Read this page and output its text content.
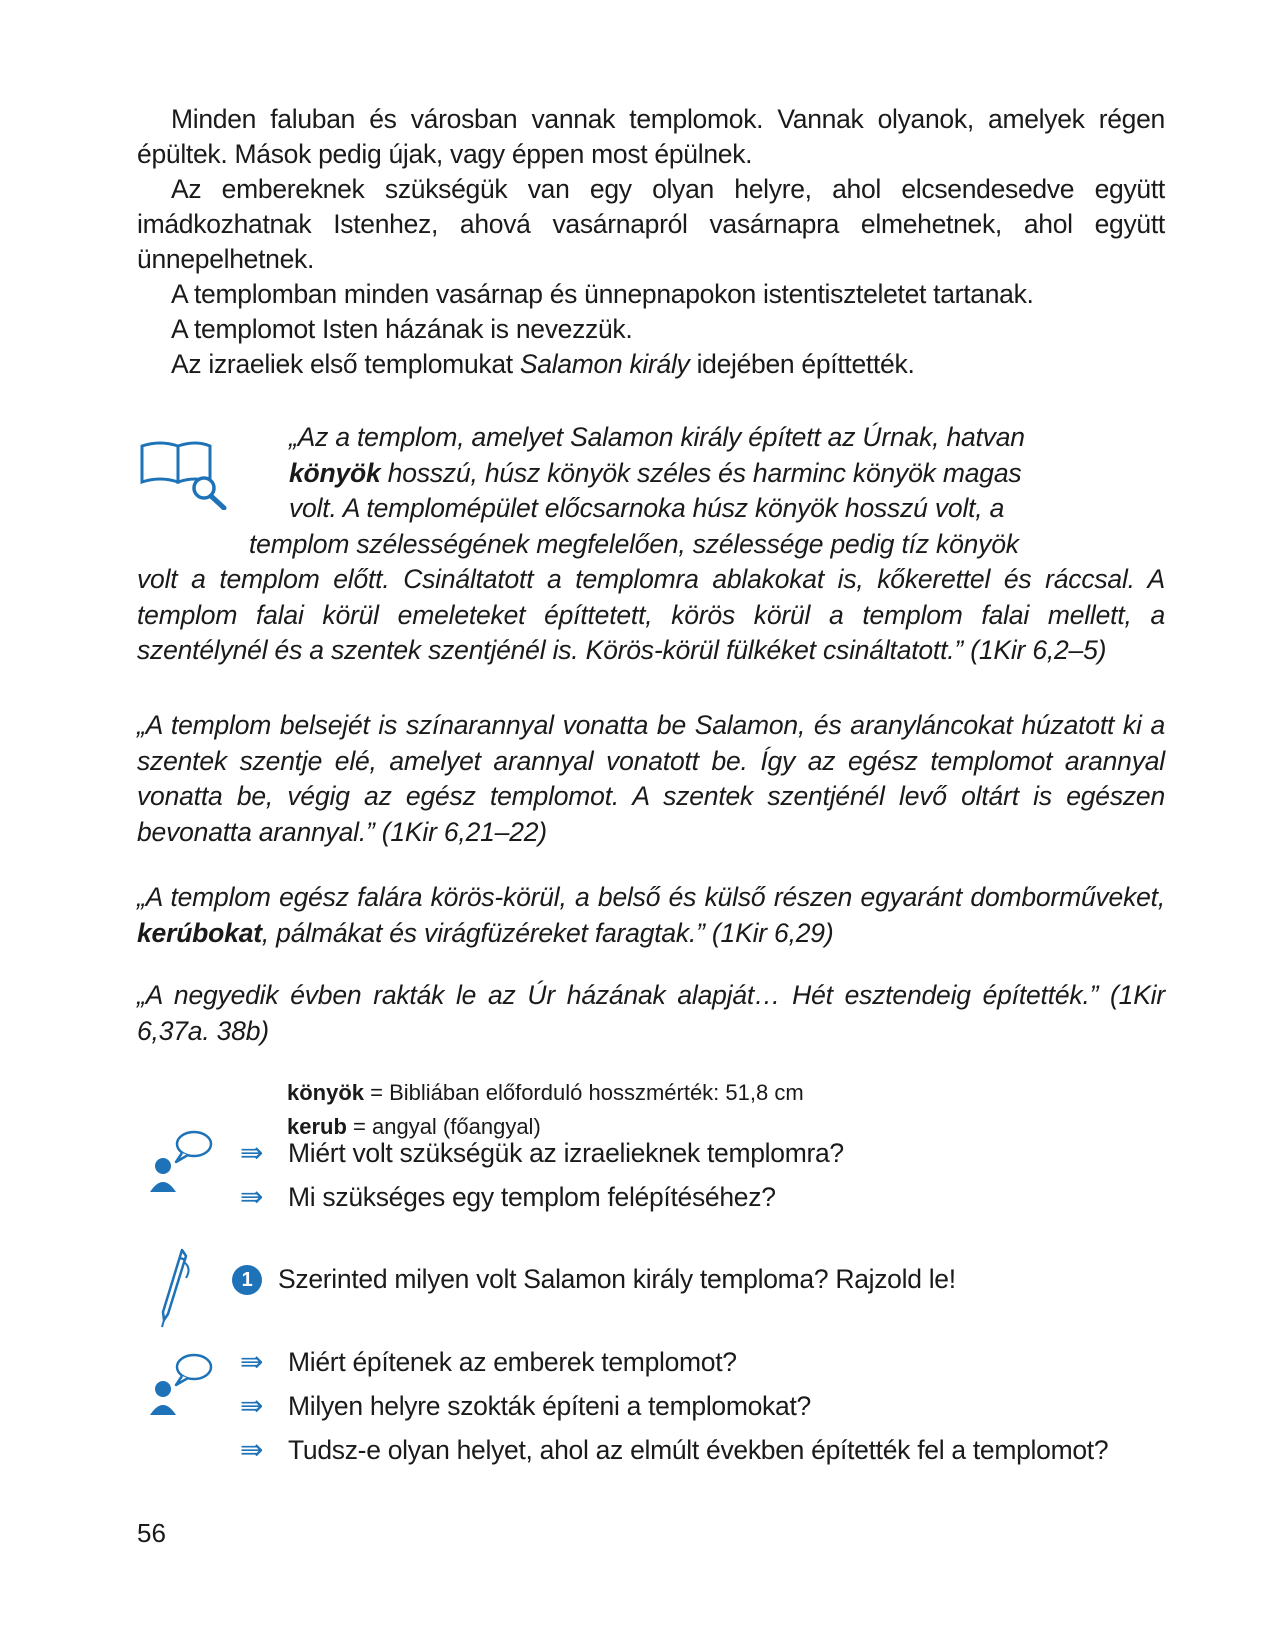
Minden faluban és városban vannak templomok. Vannak olyanok, amelyek régen épültek. Mások pedig újak, vagy éppen most épülnek.

Az embereknek szükségük van egy olyan helyre, ahol elcsendesedve együtt imádkozhatnak Istenhez, ahová vasárnapról vasárnapra elmehetnek, ahol együtt ünnepelhetnek.

A templomban minden vasárnap és ünnepnapokon istentiszteletet tartanak.

A templomot Isten házának is nevezzük.

Az izraeliek első templomukat Salamon király idejében építtették.

„Az a templom, amelyet Salamon király épített az Úrnak, hatvan
könyök hosszú, húsz könyök széles és harminc könyök magas
volt. A templomépület előcsarnoka húsz könyök hosszú volt, a
templom szélességének megfelelően, szélessége pedig tíz könyök
volt a templom előtt. Csináltatott a templomra ablakokat is, kőkerettel és ráccsal. A templom falai körül emeleteket építtetett, körös körül a templom falai mellett, a szentélynél és a szentek szentjénél is. Körös-körül fülkéket csináltatott.” (1Kir 6,2–5)

„A templom belsejét is színarannyal vonatta be Salamon, és aranyláncokat húzatott ki a szentek szentje elé, amelyet arannyal vonatott be. Így az egész templomot arannyal vonatta be, végig az egész templomot. A szentek szentjénél levő oltárt is egészen bevonatta arannyal.” (1Kir 6,21–22)

„A templom egész falára körös-körül, a belső és külső részen egyaránt domborműveket, kerúbokat, pálmákat és virágfüzéreket faragtak.” (1Kir 6,29)

„A negyedik évben rakták le az Úr házának alapját… Hét esztendeig építették.” (1Kir 6,37a. 38b)

könyök = Bibliában előforduló hosszmérték: 51,8 cm
kerub = angyal (főangyal)
⇛ Miért volt szükségük az izraelieknek templomra?
⇛ Mi szükséges egy templom felépítéséhez?
1 Szerinted milyen volt Salamon király temploma? Rajzold le!
⇛ Miért építenek az emberek templomot?
⇛ Milyen helyre szokták építeni a templomokat?
⇛ Tudsz-e olyan helyet, ahol az elmúlt években építették fel a templomot?
56
